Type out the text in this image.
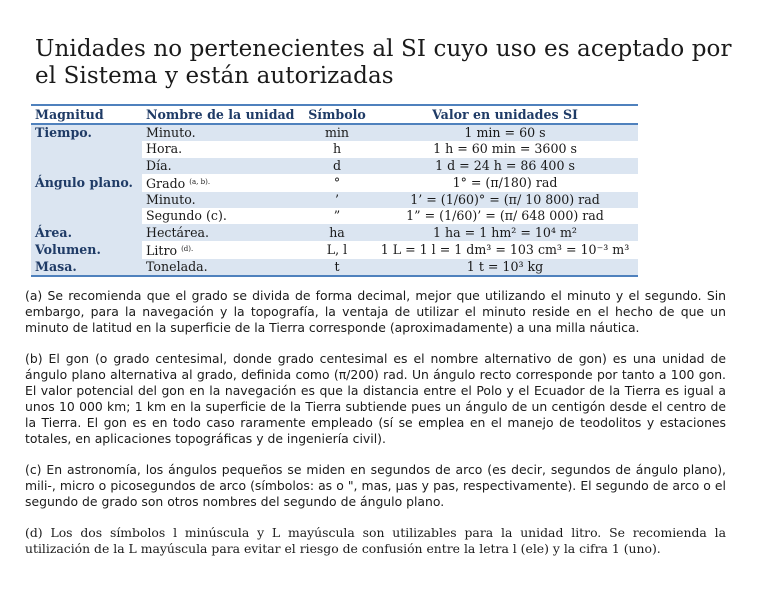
Unidades no pertenecientes al SI cuyo uso es aceptado por el Sistema y están autorizadas
Magnitud	Nombre de la unidad	Símbolo	Valor en unidades SI
Tiempo.	Minuto.	min	1 min = 60 s
	Hora.	h	1 h = 60 min = 3600 s
	Día.	d	1 d = 24 h = 86 400 s
Ángulo plano.	Grado $^{(a, b).}$	°	1° = (π/180) rad
	Minuto.	’	1’ = (1/60)° = (π/ 10 800) rad
	Segundo (c).	”	1” = (1/60)’ = (π/ 648 000) rad
Área.	Hectárea.	ha	1 ha = 1 hm² = 10⁴ m²
Volumen.	Litro $^{(d).}$	L, l	1 L = 1 l = 1 dm³ = 103 cm³ = 10⁻³ m³
Masa.	Tonelada.	t	1 t = 10³ kg

(a) Se recomienda que el grado se divida de forma decimal, mejor que utilizando el minuto y el segundo. Sin embargo, para la navegación y la topografía, la ventaja de utilizar el minuto reside en el hecho de que un minuto de latitud en la superficie de la Tierra corresponde (aproximadamente) a una milla náutica.

(b) El gon (o grado centesimal, donde grado centesimal es el nombre alternativo de gon) es una unidad de ángulo plano alternativa al grado, definida como (π/200) rad. Un ángulo recto corresponde por tanto a 100 gon. El valor potencial del gon en la navegación es que la distancia entre el Polo y el Ecuador de la Tierra es igual a unos 10 000 km; 1 km en la superficie de la Tierra subtiende pues un ángulo de un centigón desde el centro de la Tierra. El gon es en todo caso raramente empleado (sí se emplea en el manejo de teodolitos y estaciones totales, en aplicaciones topográficas y de ingeniería civil).

(c) En astronomía, los ángulos pequeños se miden en segundos de arco (es decir, segundos de ángulo plano), mili-, micro o picosegundos de arco (símbolos: as o ", mas, μas y pas, respectivamente). El segundo de arco o el segundo de grado son otros nombres del segundo de ángulo plano.

(d) Los dos símbolos l minúscula y L mayúscula son utilizables para la unidad litro. Se recomienda la utilización de la L mayúscula para evitar el riesgo de confusión entre la letra l (ele) y la cifra 1 (uno).
